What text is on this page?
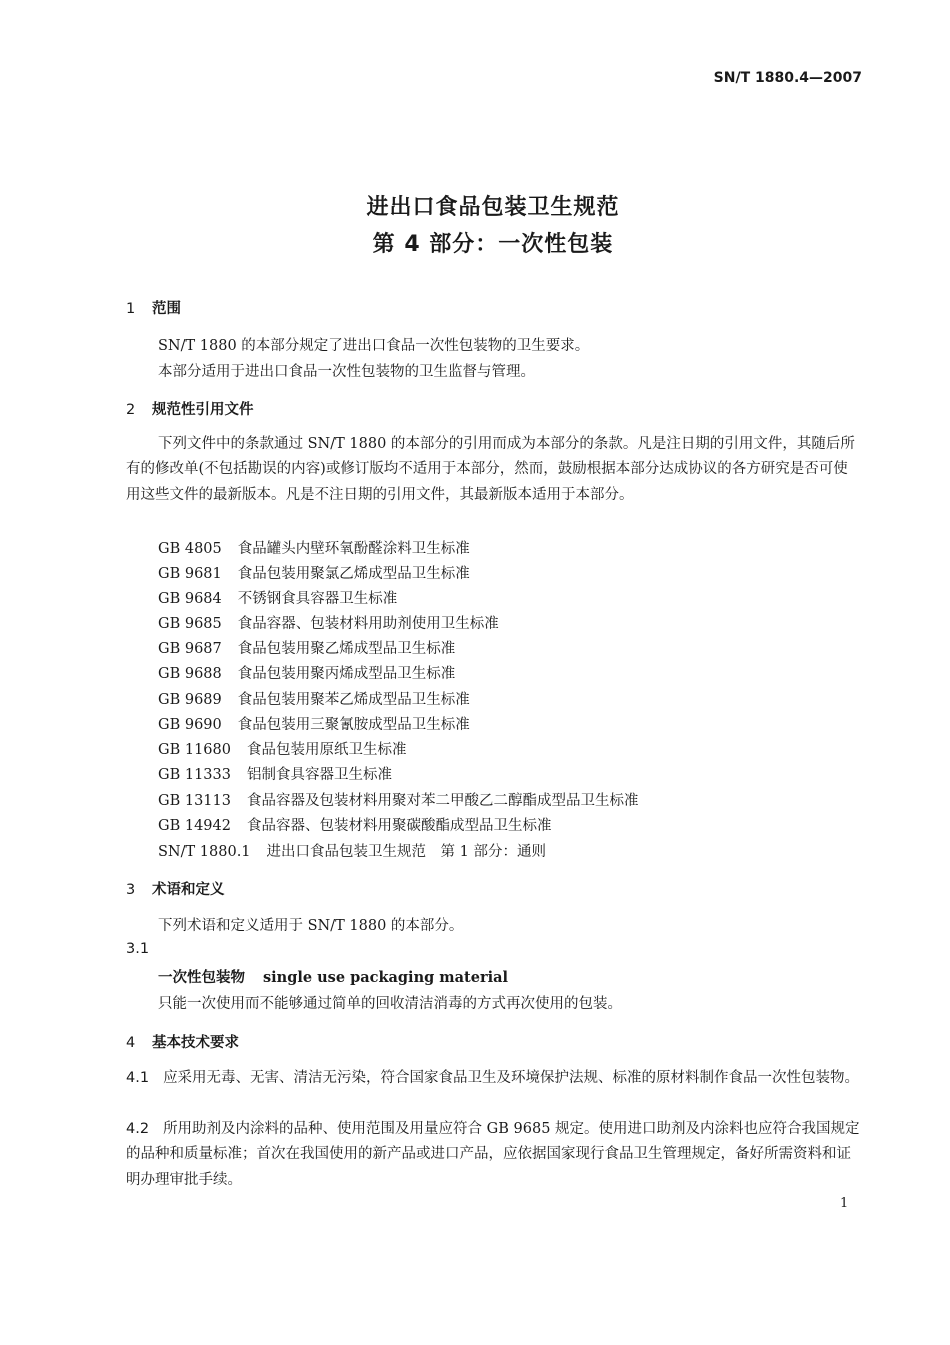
SN/T 1880.4—2007
进出口食品包装卫生规范
第 4 部分：一次性包装
1 范围
SN/T 1880 的本部分规定了进出口食品一次性包装物的卫生要求。
本部分适用于进出口食品一次性包装物的卫生监督与管理。
2 规范性引用文件
下列文件中的条款通过 SN/T 1880 的本部分的引用而成为本部分的条款。凡是注日期的引用文件，其随后所有的修改单(不包括勘误的内容)或修订版均不适用于本部分，然而，鼓励根据本部分达成协议的各方研究是否可使用这些文件的最新版本。凡是不注日期的引用文件，其最新版本适用于本部分。
GB 4805 食品罐头内壁环氧酚醛涂料卫生标准
GB 9681 食品包装用聚氯乙烯成型品卫生标准
GB 9684 不锈钢食具容器卫生标准
GB 9685 食品容器、包装材料用助剂使用卫生标准
GB 9687 食品包装用聚乙烯成型品卫生标准
GB 9688 食品包装用聚丙烯成型品卫生标准
GB 9689 食品包装用聚苯乙烯成型品卫生标准
GB 9690 食品包装用三聚氰胺成型品卫生标准
GB 11680 食品包装用原纸卫生标准
GB 11333 铝制食具容器卫生标准
GB 13113 食品容器及包装材料用聚对苯二甲酸乙二醇酯成型品卫生标准
GB 14942 食品容器、包装材料用聚碳酸酯成型品卫生标准
SN/T 1880.1 进出口食品包装卫生规范　第 1 部分：通则
3 术语和定义
下列术语和定义适用于 SN/T 1880 的本部分。
3.1
一次性包装物 single use packaging material
只能一次使用而不能够通过简单的回收清洁消毒的方式再次使用的包装。
4 基本技术要求
4.1 应采用无毒、无害、清洁无污染，符合国家食品卫生及环境保护法规、标准的原材料制作食品一次性包装物。
4.2 所用助剂及内涂料的品种、使用范围及用量应符合 GB 9685 规定。使用进口助剂及内涂料也应符合我国规定的品种和质量标准；首次在我国使用的新产品或进口产品，应依据国家现行食品卫生管理规定，备好所需资料和证明办理审批手续。
1
